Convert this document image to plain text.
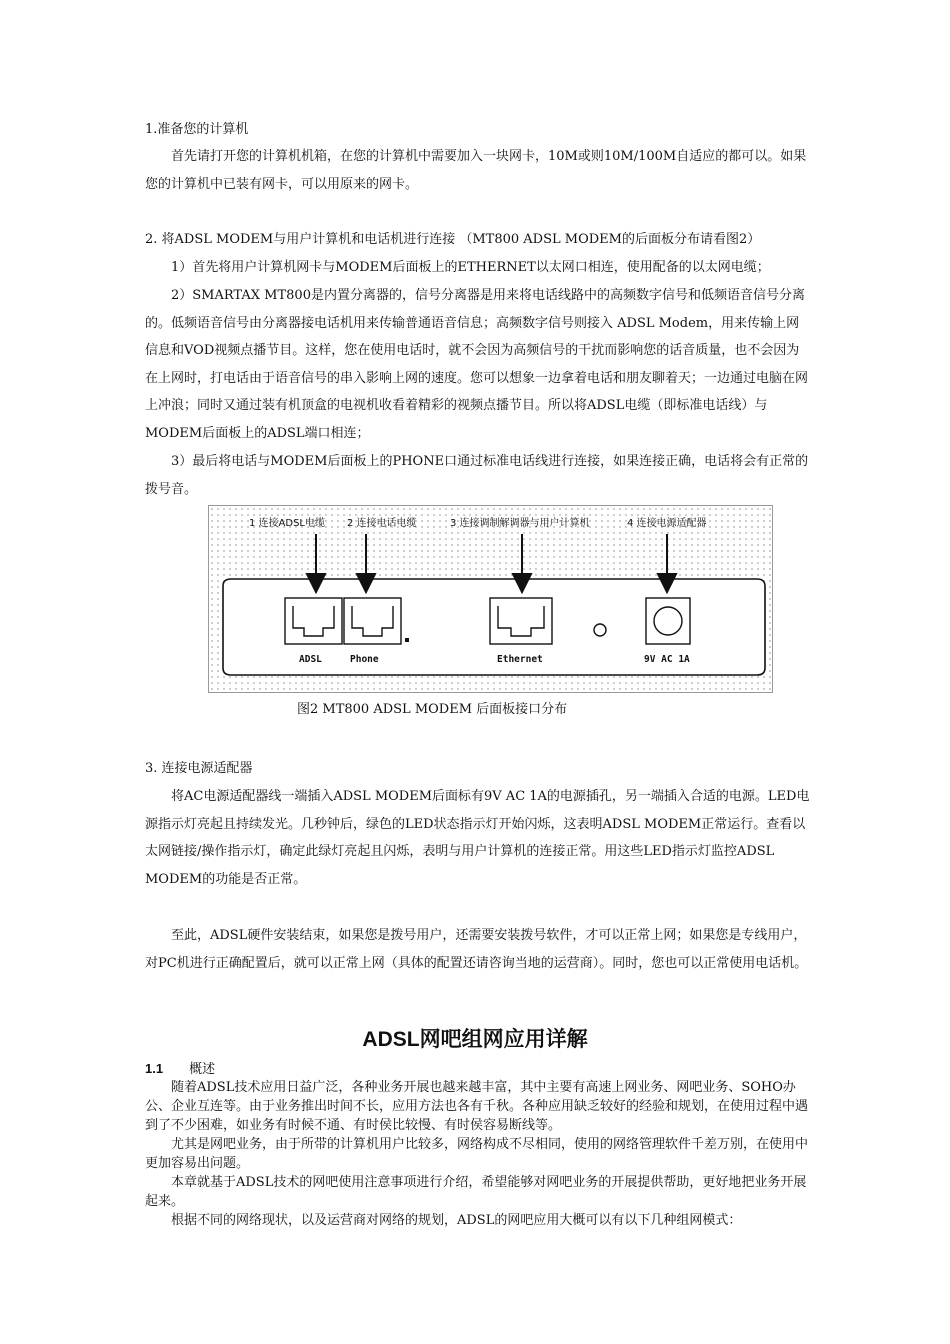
1.准备您的计算机

首先请打开您的计算机机箱，在您的计算机中需要加入一块网卡，10M或则10M/100M自适应的都可以。如果您的计算机中已装有网卡，可以用原来的网卡。

2. 将ADSL MODEM与用户计算机和电话机进行连接 （MT800 ADSL MODEM的后面板分布请看图2）

1）首先将用户计算机网卡与MODEM后面板上的ETHERNET以太网口相连，使用配备的以太网电缆；

2）SMARTAX MT800是内置分离器的，信号分离器是用来将电话线路中的高频数字信号和低频语音信号分离的。低频语音信号由分离器接电话机用来传输普通语音信息；高频数字信号则接入 ADSL Modem，用来传输上网信息和VOD视频点播节目。这样，您在使用电话时，就不会因为高频信号的干扰而影响您的话音质量，也不会因为在上网时，打电话由于语音信号的串入影响上网的速度。您可以想象一边拿着电话和朋友聊着天；一边通过电脑在网上冲浪；同时又通过装有机顶盒的电视机收看着精彩的视频点播节目。所以将ADSL电缆（即标准电话线）与MODEM后面板上的ADSL端口相连；

3）最后将电话与MODEM后面板上的PHONE口通过标准电话线进行连接，如果连接正确，电话将会有正常的拨号音。

1 连接ADSL电缆 2 连接电话电缆	3 连接调制解调器与用户计算机	4 连接电源适配器
ADSL	Phone	Ethernet	9V AC 1A
图2 MT800 ADSL MODEM 后面板接口分布

3. 连接电源适配器

将AC电源适配器线一端插入ADSL MODEM后面标有9V AC 1A的电源插孔，另一端插入合适的电源。LED电源指示灯亮起且持续发光。几秒钟后，绿色的LED状态指示灯开始闪烁，这表明ADSL MODEM正常运行。查看以太网链接/操作指示灯，确定此绿灯亮起且闪烁，表明与用户计算机的连接正常。用这些LED指示灯监控ADSL MODEM的功能是否正常。

至此，ADSL硬件安装结束，如果您是拨号用户，还需要安装拨号软件，才可以正常上网；如果您是专线用户，对PC机进行正确配置后，就可以正常上网（具体的配置还请咨询当地的运营商）。同时，您也可以正常使用电话机。

ADSL网吧组网应用详解
1.1 概述

随着ADSL技术应用日益广泛，各种业务开展也越来越丰富，其中主要有高速上网业务、网吧业务、SOHO办公、企业互连等。由于业务推出时间不长，应用方法也各有千秋。各种应用缺乏较好的经验和规划，在使用过程中遇到了不少困难，如业务有时候不通、有时侯比较慢、有时侯容易断线等。

尤其是网吧业务，由于所带的计算机用户比较多，网络构成不尽相同，使用的网络管理软件千差万别，在使用中更加容易出问题。

本章就基于ADSL技术的网吧使用注意事项进行介绍，希望能够对网吧业务的开展提供帮助，更好地把业务开展起来。

根据不同的网络现状，以及运营商对网络的规划，ADSL的网吧应用大概可以有以下几种组网模式：
